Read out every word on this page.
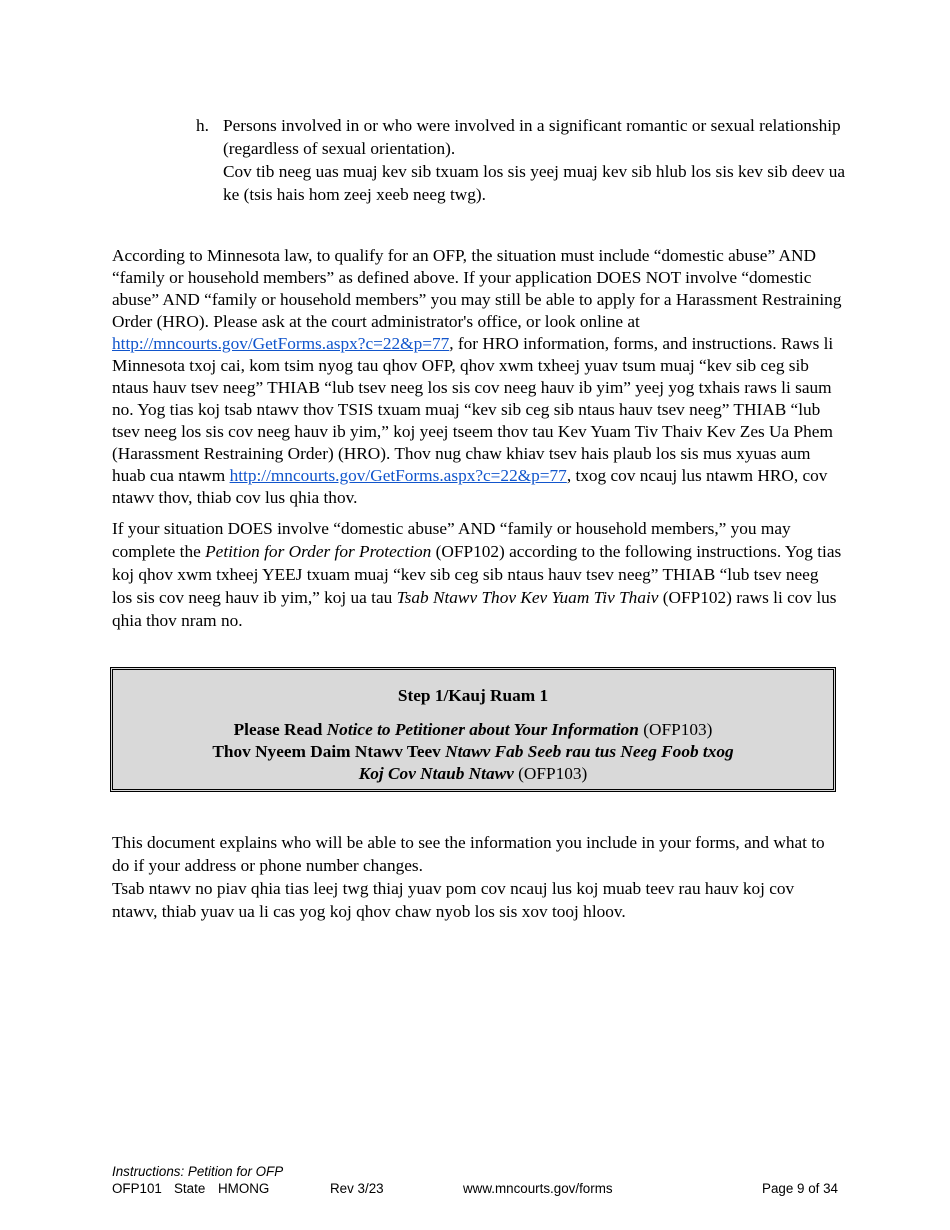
h. Persons involved in or who were involved in a significant romantic or sexual relationship (regardless of sexual orientation).
Cov tib neeg uas muaj kev sib txuam los sis yeej muaj kev sib hlub los sis kev sib deev ua ke (tsis hais hom zeej xeeb neeg twg).
According to Minnesota law, to qualify for an OFP, the situation must include “domestic abuse” AND “family or household members” as defined above. If your application DOES NOT involve “domestic abuse” AND “family or household members” you may still be able to apply for a Harassment Restraining Order (HRO). Please ask at the court administrator's office, or look online at http://mncourts.gov/GetForms.aspx?c=22&p=77, for HRO information, forms, and instructions. Raws li Minnesota txoj cai, kom tsim nyog tau qhov OFP, qhov xwm txheej yuav tsum muaj “kev sib ceg sib ntaus hauv tsev neeg” THIAB “lub tsev neeg los sis cov neeg hauv ib yim” yeej yog txhais raws li saum no. Yog tias koj tsab ntawv thov TSIS txuam muaj “kev sib ceg sib ntaus hauv tsev neeg” THIAB “lub tsev neeg los sis cov neeg hauv ib yim,” koj yeej tseem thov tau Kev Yuam Tiv Thaiv Kev Zes Ua Phem (Harassment Restraining Order) (HRO). Thov nug chaw khiav tsev hais plaub los sis mus xyuas aum huab cua ntawm http://mncourts.gov/GetForms.aspx?c=22&p=77, txog cov ncauj lus ntawm HRO, cov ntawv thov, thiab cov lus qhia thov.
If your situation DOES involve “domestic abuse” AND “family or household members,” you may complete the Petition for Order for Protection (OFP102) according to the following instructions. Yog tias koj qhov xwm txheej YEEJ txuam muaj “kev sib ceg sib ntaus hauv tsev neeg” THIAB “lub tsev neeg los sis cov neeg hauv ib yim,” koj ua tau Tsab Ntawv Thov Kev Yuam Tiv Thaiv (OFP102) raws li cov lus qhia thov nram no.
Step 1/Kauj Ruam 1
Please Read Notice to Petitioner about Your Information (OFP103)
Thov Nyeem Daim Ntawv Teev Ntawv Fab Seeb rau tus Neeg Foob txog
Koj Cov Ntaub Ntawv (OFP103)
This document explains who will be able to see the information you include in your forms, and what to do if your address or phone number changes.
Tsab ntawv no piav qhia tias leej twg thiaj yuav pom cov ncauj lus koj muab teev rau hauv koj cov ntawv, thiab yuav ua li cas yog koj qhov chaw nyob los sis xov tooj hloov.
Instructions: Petition for OFP
OFP101 State HMONG	Rev 3/23	www.mncourts.gov/forms	Page 9 of 34
